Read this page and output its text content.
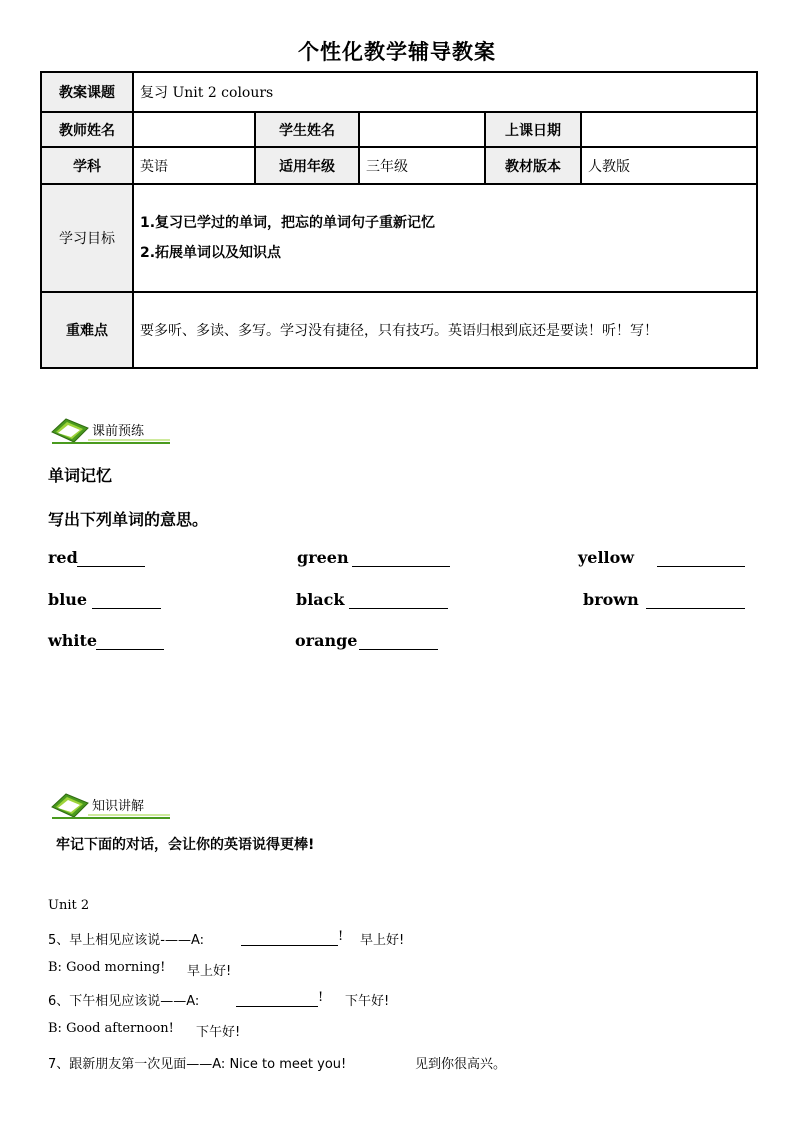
个性化教学辅导教案
教案课题	复习 Unit 2 colours				
教师姓名		学生姓名		上课日期	
学科	英语	适用年级	三年级	教材版本	人教版
学习目标	1.复习已学过的单词，把忘的单词句子重新记忆
2.拓展单词以及知识点				

重难点	要多听、多读、多写。学习没有捷径，只有技巧。英语归根到底还是要读！听！写！				
课前预练
单词记忆
写出下列单词的意思。
red	green	yellow
blue	black	brown
white	orange
知识讲解
牢记下面的对话，会让你的英语说得更棒!
Unit 2
5、早上相见应该说-——A:	! 早上好!
B: Good morning! 早上好!
6、下午相见应该说——A:	! 下午好!
B: Good afternoon! 下午好!
7、跟新朋友第一次见面——A: Nice to meet you!	见到你很高兴。
